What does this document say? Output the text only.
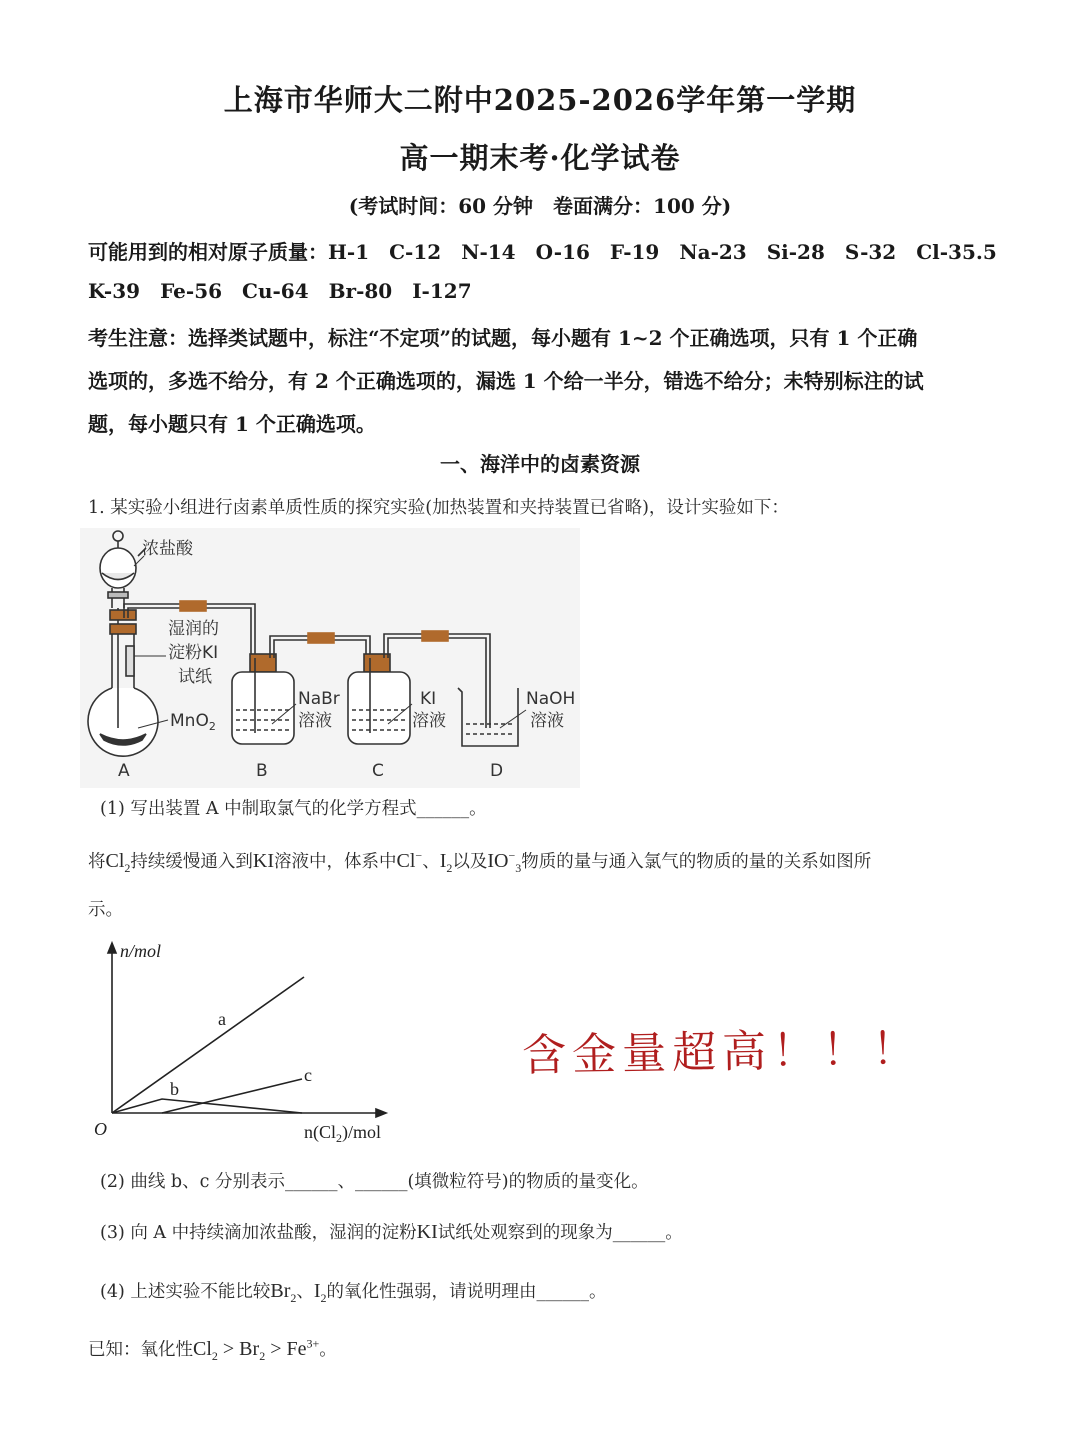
上海市华师大二附中2025-2026学年第一学期
高一期末考·化学试卷
(考试时间：60 分钟　卷面满分：100 分)
可能用到的相对原子质量：H-1 C-12 N-14 O-16 F-19 Na-23 Si-28 S-32 Cl-35.5
K-39 Fe-56 Cu-64 Br-80 I-127
考生注意：选择类试题中，标注“不定项”的试题，每小题有 1~2 个正确选项，只有 1 个正确
选项的，多选不给分，有 2 个正确选项的，漏选 1 个给一半分，错选不给分；未特别标注的试
题，每小题只有 1 个正确选项。
一、海洋中的卤素资源
1. 某实验小组进行卤素单质性质的探究实验(加热装置和夹持装置已省略)，设计实验如下：
浓盐酸
湿润的
淀粉KI
试纸
MnO$_2$
NaBr
溶液
KI
溶液
NaOH
溶液
A	B	C	D
(1) 写出装置 A 中制取氯气的化学方程式______。
将$Cl_2$持续缓慢通入到KI溶液中，体系中Cl−、$I_2$以及$IO^-_3$物质的量与通入氯气的物质的量的关系如图所
示。
n/mol
O	$n(Cl_2)$/mol
a
b
c	含金量超高！！！
(2) 曲线 b、c 分别表示______、______(填微粒符号)的物质的量变化。
(3) 向 A 中持续滴加浓盐酸，湿润的淀粉KI试纸处观察到的现象为______。
(4) 上述实验不能比较$Br_2$、$I_2$的氧化性强弱，请说明理由______。
已知：氧化性$Cl_2 > Br_2 > Fe^{3+}$。
